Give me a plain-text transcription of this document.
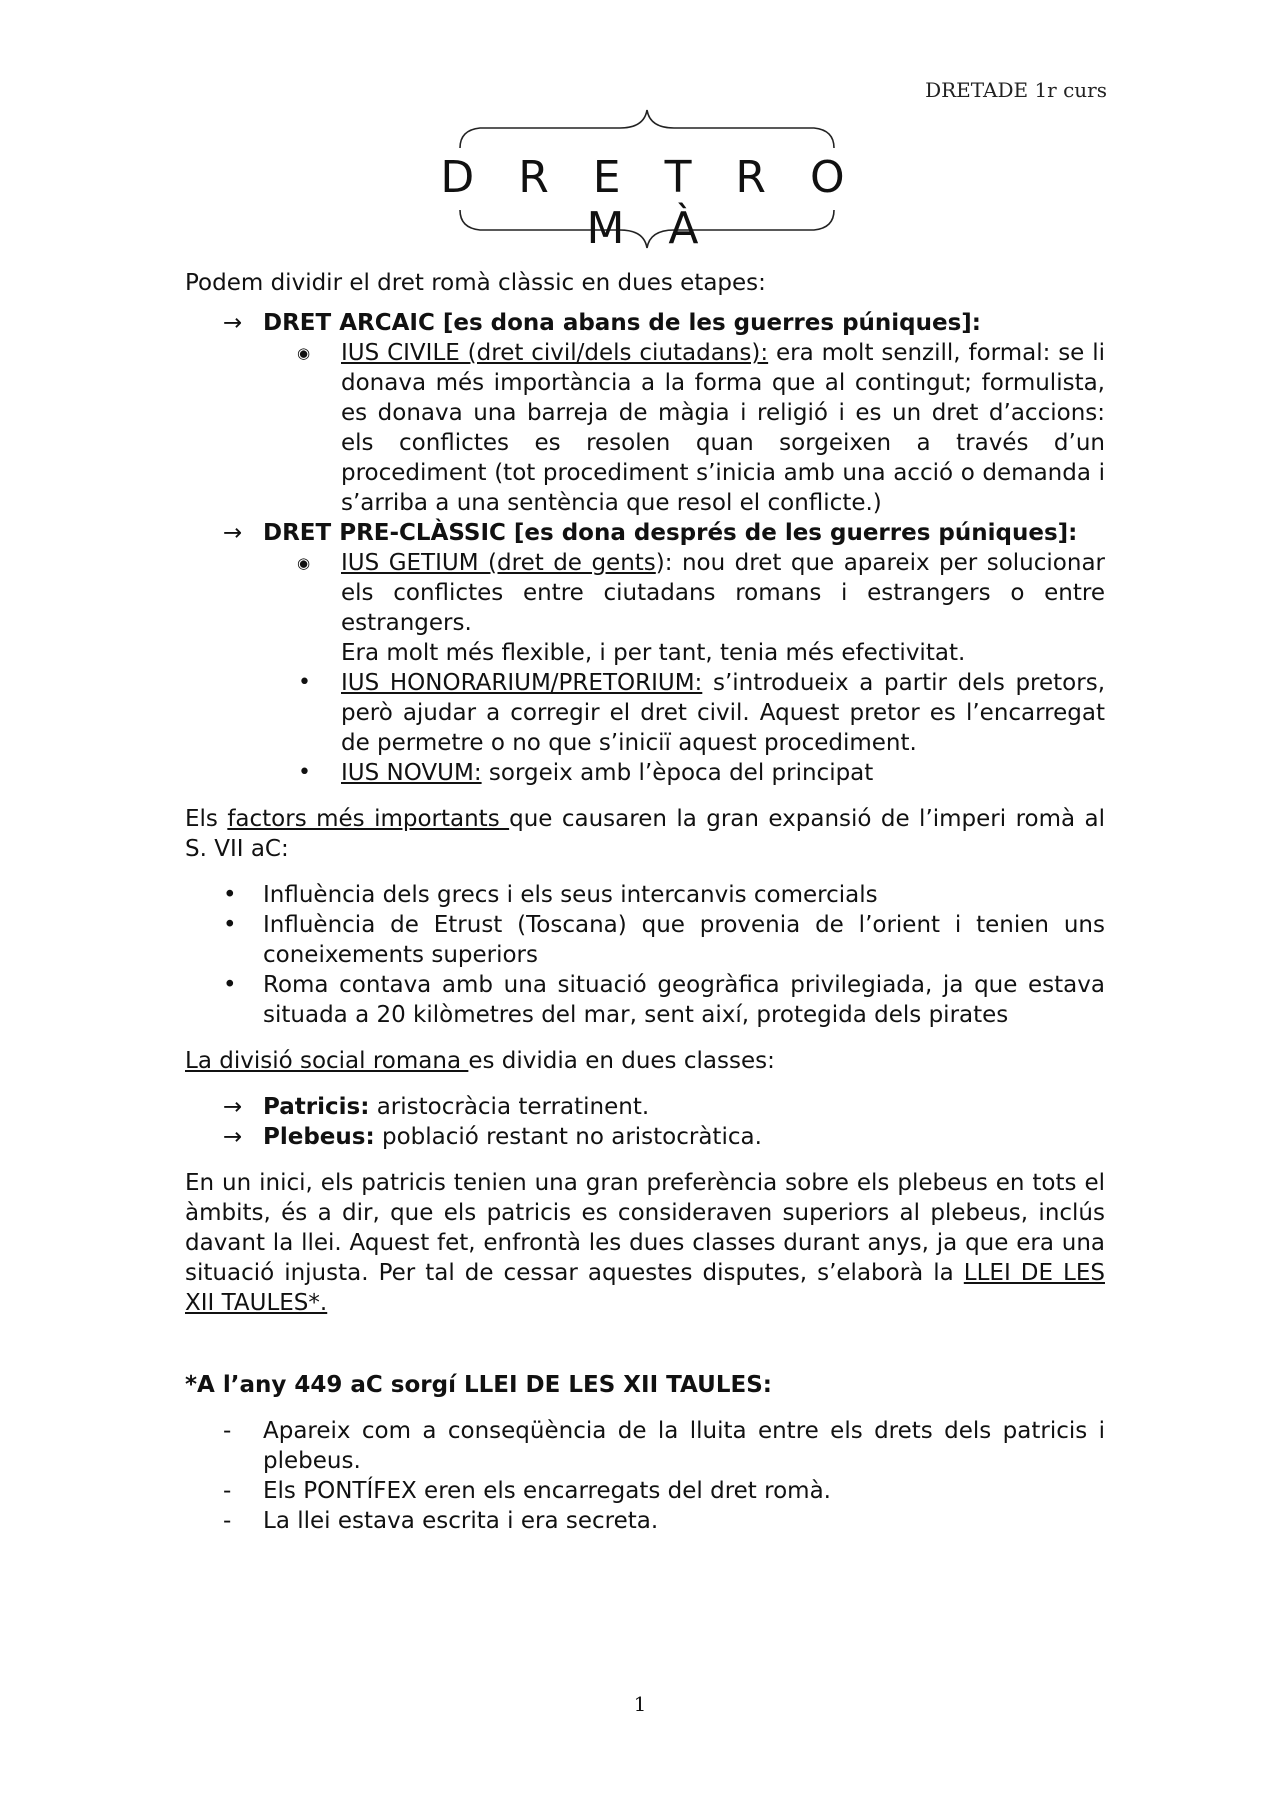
DRETADE 1r curs
D R E T R O M À

Podem dividir el dret romà clàssic en dues etapes:

→ DRET ARCAIC [es dona abans de les guerres púniques]:
◉ IUS CIVILE (dret civil/dels ciutadans): era molt senzill, formal: se li donava més importància a la forma que al contingut; formulista, es donava una barreja de màgia i religió i es un dret d’accions: els conflictes es resolen quan sorgeixen a través d’un procediment (tot procediment s’inicia amb una acció o demanda i s’arriba a una sentència que resol el conflicte.)
→ DRET PRE-CLÀSSIC [es dona després de les guerres púniques]:
◉ IUS GETIUM (dret de gents): nou dret que apareix per solucionar els conflictes entre ciutadans romans i estrangers o entre estrangers.
Era molt més flexible, i per tant, tenia més efectivitat.
• IUS HONORARIUM/PRETORIUM: s’introdueix a partir dels pretors, però ajudar a corregir el dret civil. Aquest pretor es l’encarregat de permetre o no que s’iniciï aquest procediment.
• IUS NOVUM: sorgeix amb l’època del principat

Els factors més importants que causaren la gran expansió de l’imperi romà al S. VII aC:

• Influència dels grecs i els seus intercanvis comercials
• Influència de Etrust (Toscana) que provenia de l’orient i tenien uns coneixements superiors
• Roma contava amb una situació geogràfica privilegiada, ja que estava situada a 20 kilòmetres del mar, sent així, protegida dels pirates

La divisió social romana es dividia en dues classes:

→ Patricis: aristocràcia terratinent.
→ Plebeus: població restant no aristocràtica.

En un inici, els patricis tenien una gran preferència sobre els plebeus en tots el àmbits, és a dir, que els patricis es consideraven superiors al plebeus, inclús davant la llei. Aquest fet, enfrontà les dues classes durant anys, ja que era una situació injusta. Per tal de cessar aquestes disputes, s’elaborà la LLEI DE LES XII TAULES*.

*A l’any 449 aC sorgí LLEI DE LES XII TAULES:

- Apareix com a conseqüència de la lluita entre els drets dels patricis i plebeus.
- Els PONTÍFEX eren els encarregats del dret romà.
- La llei estava escrita i era secreta.
1
